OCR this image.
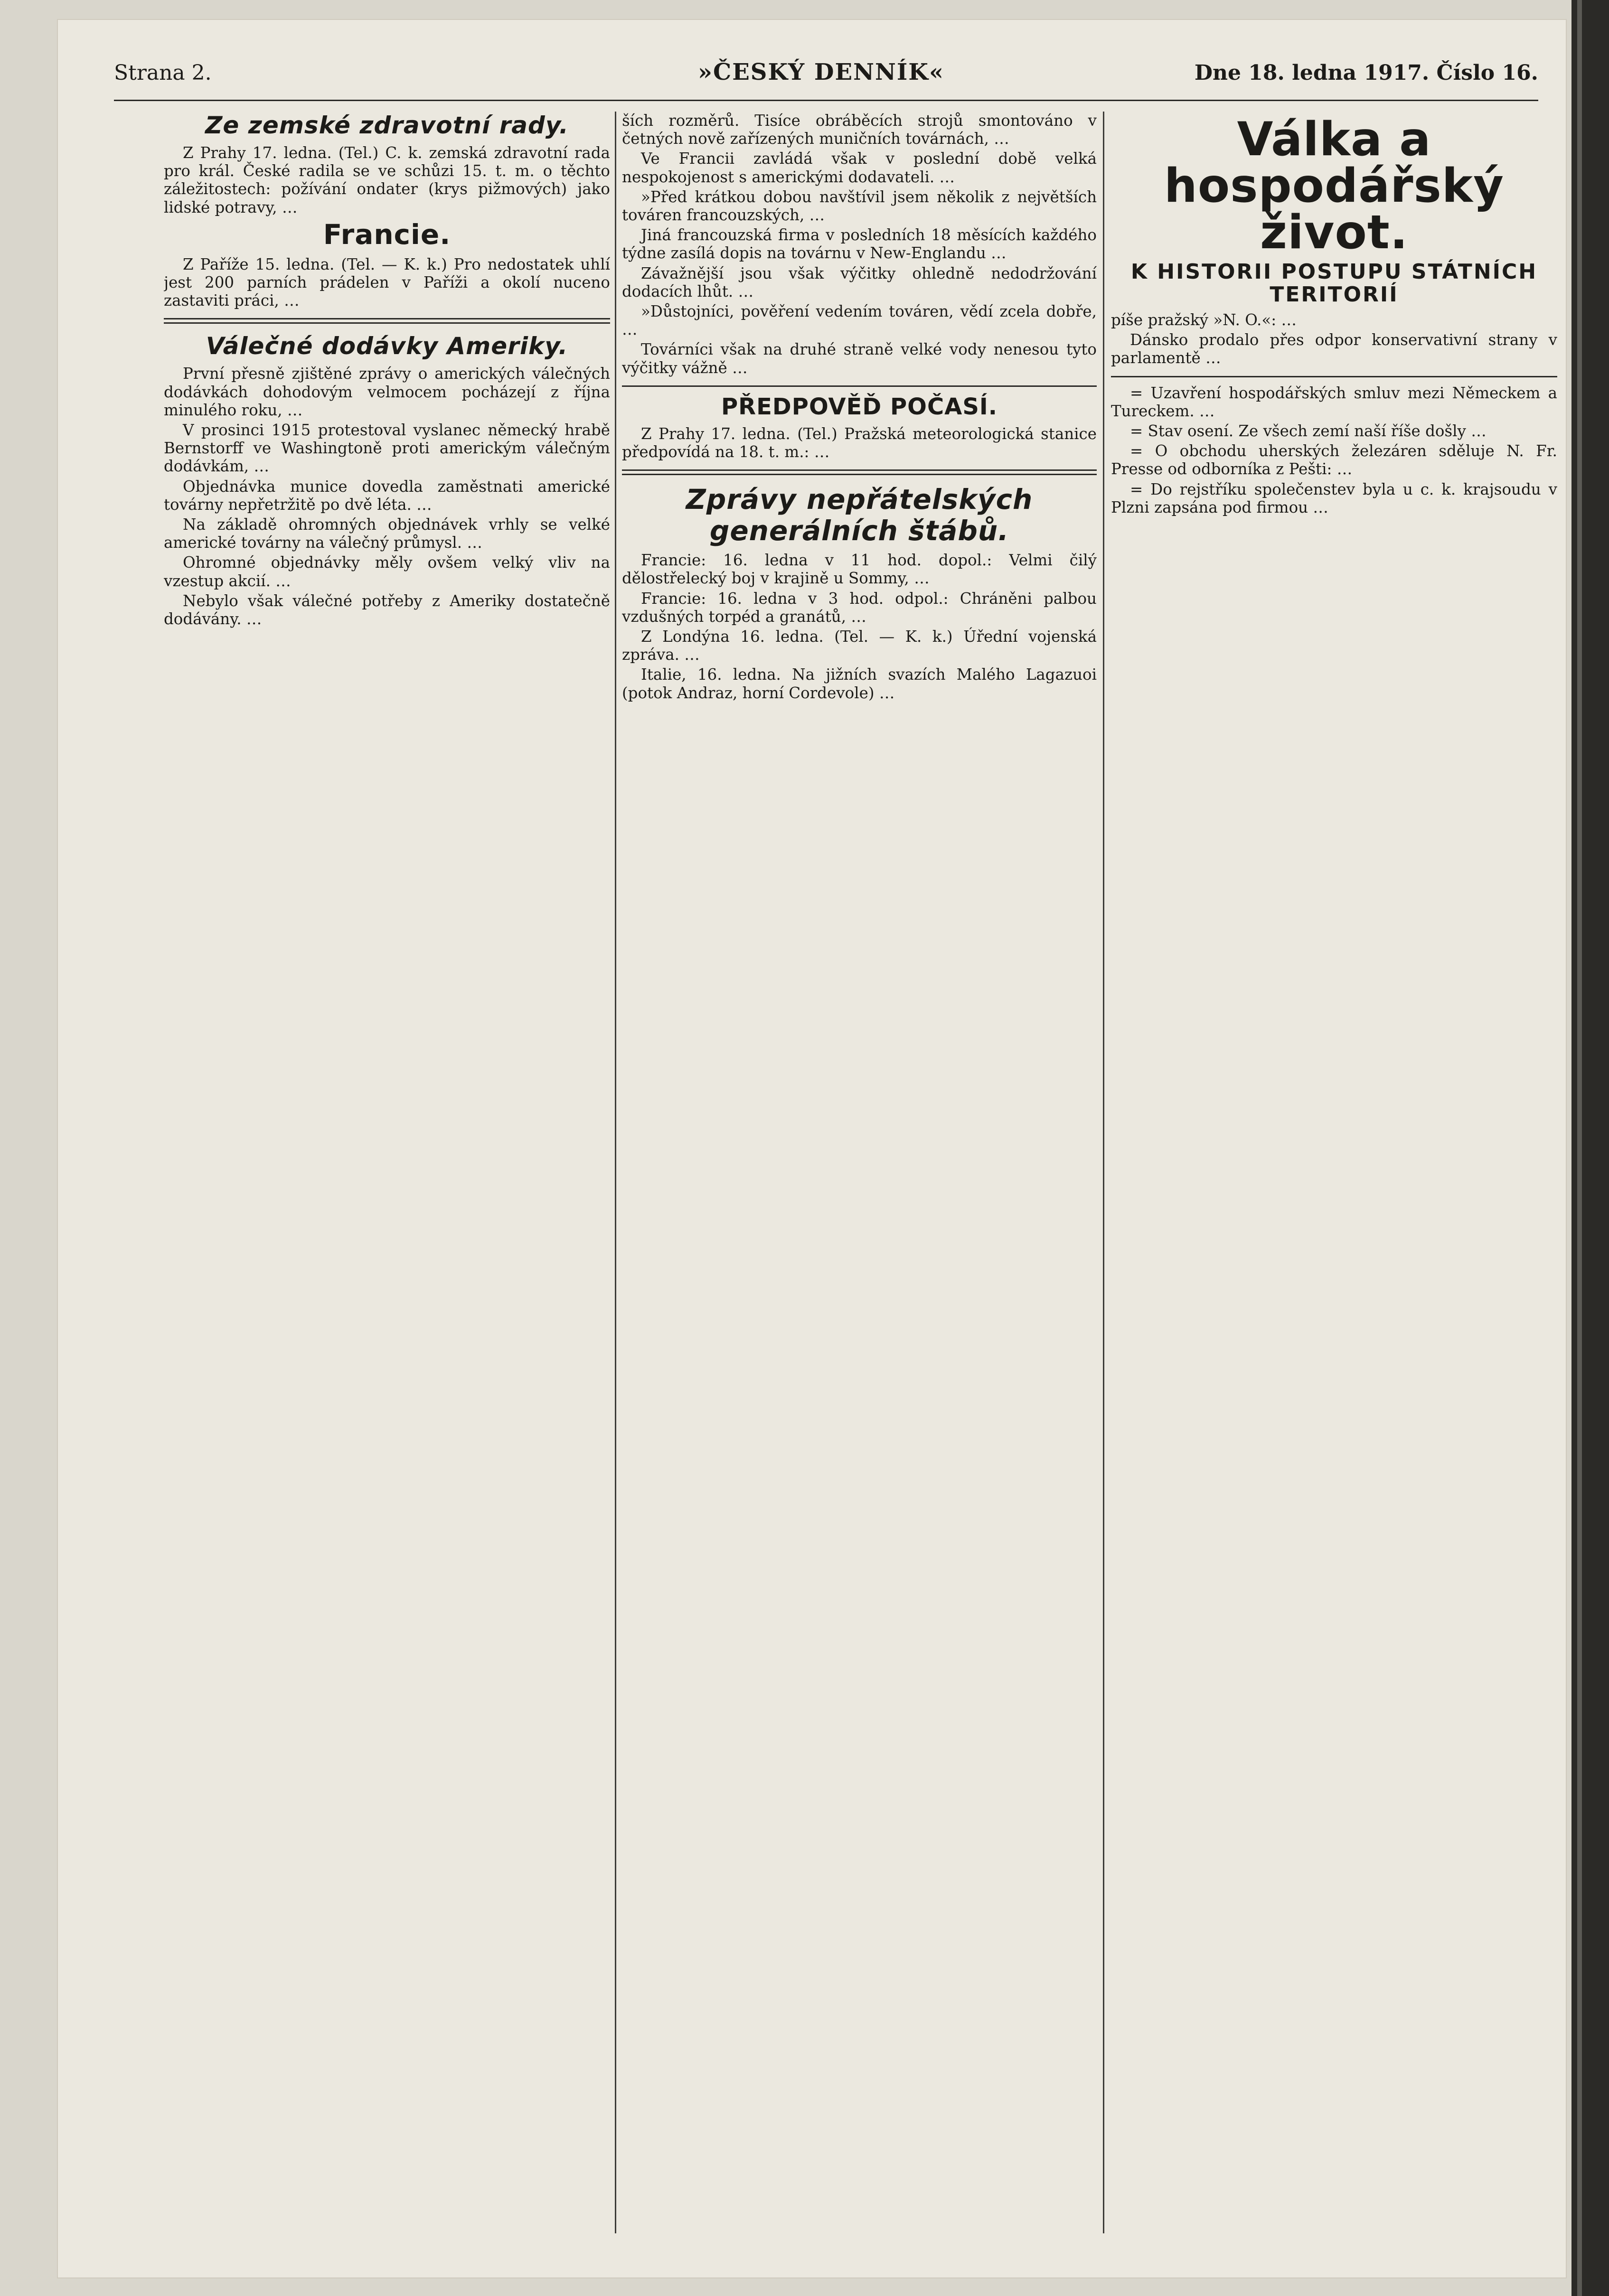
Strana 2.	»ČESKÝ DENNÍK«	Dne 18. ledna 1917. Číslo 16.
Ze zemské zdravotní rady.

Z Prahy 17. ledna. (Tel.) C. k. zemská zdravotní rada pro král. České radila se ve schůzi 15. t. m. o těchto záležitostech: požívání ondater (krys pižmových) jako lidské potravy, …

Francie.

Z Paříže 15. ledna. (Tel. — K. k.) Pro nedostatek uhlí jest 200 parních prádelen v Paříži a okolí nuceno zastaviti práci, …

Válečné dodávky Ameriky.

První přesně zjištěné zprávy o amerických válečných dodávkách dohodovým velmocem pocházejí z října minulého roku, …

V prosinci 1915 protestoval vyslanec německý hrabě Bernstorff ve Washingtoně proti americkým válečným dodávkám, …

Objednávka munice dovedla zaměstnati americké továrny nepřetržitě po dvě léta. …

Na základě ohromných objednávek vrhly se velké americké továrny na válečný průmysl. …

Ohromné objednávky měly ovšem velký vliv na vzestup akcií. …

Nebylo však válečné potřeby z Ameriky dostatečně dodávány. …

ších rozměrů. Tisíce obráběcích strojů smontováno v četných nově zařízených muničních továrnách, …

Ve Francii zavládá však v poslední době velká nespokojenost s americkými dodavateli. …

»Před krátkou dobou navštívil jsem několik z největších továren francouzských, …

Jiná francouzská firma v posledních 18 měsících každého týdne zasílá dopis na továrnu v New-Englandu …

Závažnější jsou však výčitky ohledně nedodržování dodacích lhůt. …

»Důstojníci, pověření vedením továren, vědí zcela dobře, …

Továrníci však na druhé straně velké vody nenesou tyto výčitky vážně …

PŘEDPOVĚĎ POČASÍ.

Z Prahy 17. ledna. (Tel.) Pražská meteorologická stanice předpovídá na 18. t. m.: …

Zprávy nepřátelských generálních štábů.

Francie: 16. ledna v 11 hod. dopol.: Velmi čilý dělostřelecký boj v krajině u Sommy, …

Francie: 16. ledna v 3 hod. odpol.: Chráněni palbou vzdušných torpéd a granátů, …

Z Londýna 16. ledna. (Tel. — K. k.) Úřední vojenská zpráva. …

Italie, 16. ledna. Na jižních svazích Malého Lagazuoi (potok Andraz, horní Cordevole) …

Válka a hospodářský život.
K HISTORII POSTUPU STÁTNÍCH TERITORIÍ

píše pražský »N. O.«: …

Dánsko prodalo přes odpor konservativní strany v parlamentě …

= Uzavření hospodářských smluv mezi Německem a Tureckem. …

= Stav osení. Ze všech zemí naší říše došly …

= O obchodu uherských železáren sděluje N. Fr. Presse od odborníka z Pešti: …

= Do rejstříku společenstev byla u c. k. krajsoudu v Plzni zapsána pod firmou …
